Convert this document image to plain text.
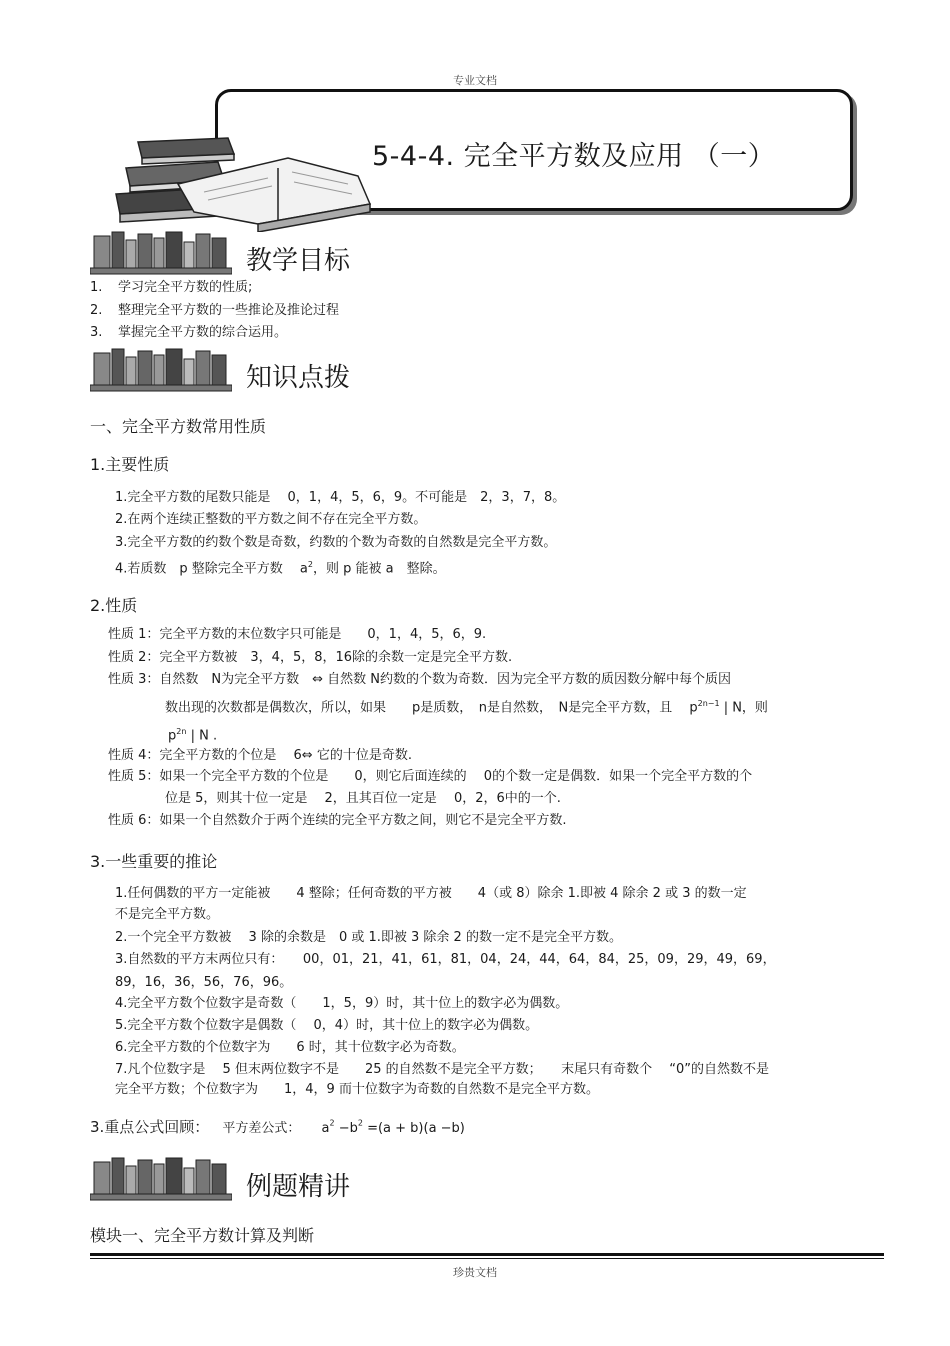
专业文档
5-4-4. 完全平方数及应用 （一）
教学目标
1. 学习完全平方数的性质;
2. 整理完全平方数的一些推论及推论过程
3. 掌握完全平方数的综合运用。
知识点拨
一、完全平方数常用性质
1.主要性质
1.完全平方数的尾数只能是 　0，1，4，5，6，9。不可能是　2，3，7，8。
2.在两个连续正整数的平方数之间不存在完全平方数。
3.完全平方数的约数个数是奇数，约数的个数为奇数的自然数是完全平方数。
4.若质数　p 整除完全平方数 　$a^2$，则 p 能被 a　整除。
2.性质
性质 1：完全平方数的末位数字只可能是　　0，1，4，5，6，9.
性质 2：完全平方数被　3，4，5，8，16除的余数一定是完全平方数.
性质 3：自然数　N为完全平方数　⇔ 自然数 N约数的个数为奇数．因为完全平方数的质因数分解中每个质因
数出现的次数都是偶数次，所以，如果　　p是质数，　n是自然数，　N是完全平方数，且　 $p^{2n-1}$ | N，则
$p^{2n}$ | N .
性质 4：完全平方数的个位是　 6⇔ 它的十位是奇数.
性质 5：如果一个完全平方数的个位是　　0，则它后面连续的　 0的个数一定是偶数．如果一个完全平方数的个
位是 5，则其十位一定是　 2，且其百位一定是　 0，2，6中的一个.
性质 6：如果一个自然数介于两个连续的完全平方数之间，则它不是完全平方数.
3.一些重要的推论
1.任何偶数的平方一定能被　　4 整除；任何奇数的平方被　　4（或 8）除余 1.即被 4 除余 2 或 3 的数一定
不是完全平方数。
2.一个完全平方数被　 3 除的余数是　0 或 1.即被 3 除余 2 的数一定不是完全平方数。
3.自然数的平方末两位只有：　　00，01，21，41，61，81，04，24，44，64，84，25，09，29，49，69，
89，16，36，56，76，96。
4.完全平方数个位数字是奇数（　　1，5，9）时，其十位上的数字必为偶数。
5.完全平方数个位数字是偶数（　 0，4）时，其十位上的数字必为偶数。
6.完全平方数的个位数字为　　6 时，其十位数字必为奇数。
7.凡个位数字是　 5 但末两位数字不是　　25 的自然数不是完全平方数；　　末尾只有奇数个　 “0”的自然数不是
完全平方数；个位数字为　　1，4，9 而十位数字为奇数的自然数不是完全平方数。
3.重点公式回顾： 平方差公式： $a^2 -b^2 =(a + b)(a -b)$
例题精讲
模块一、完全平方数计算及判断
珍贵文档
